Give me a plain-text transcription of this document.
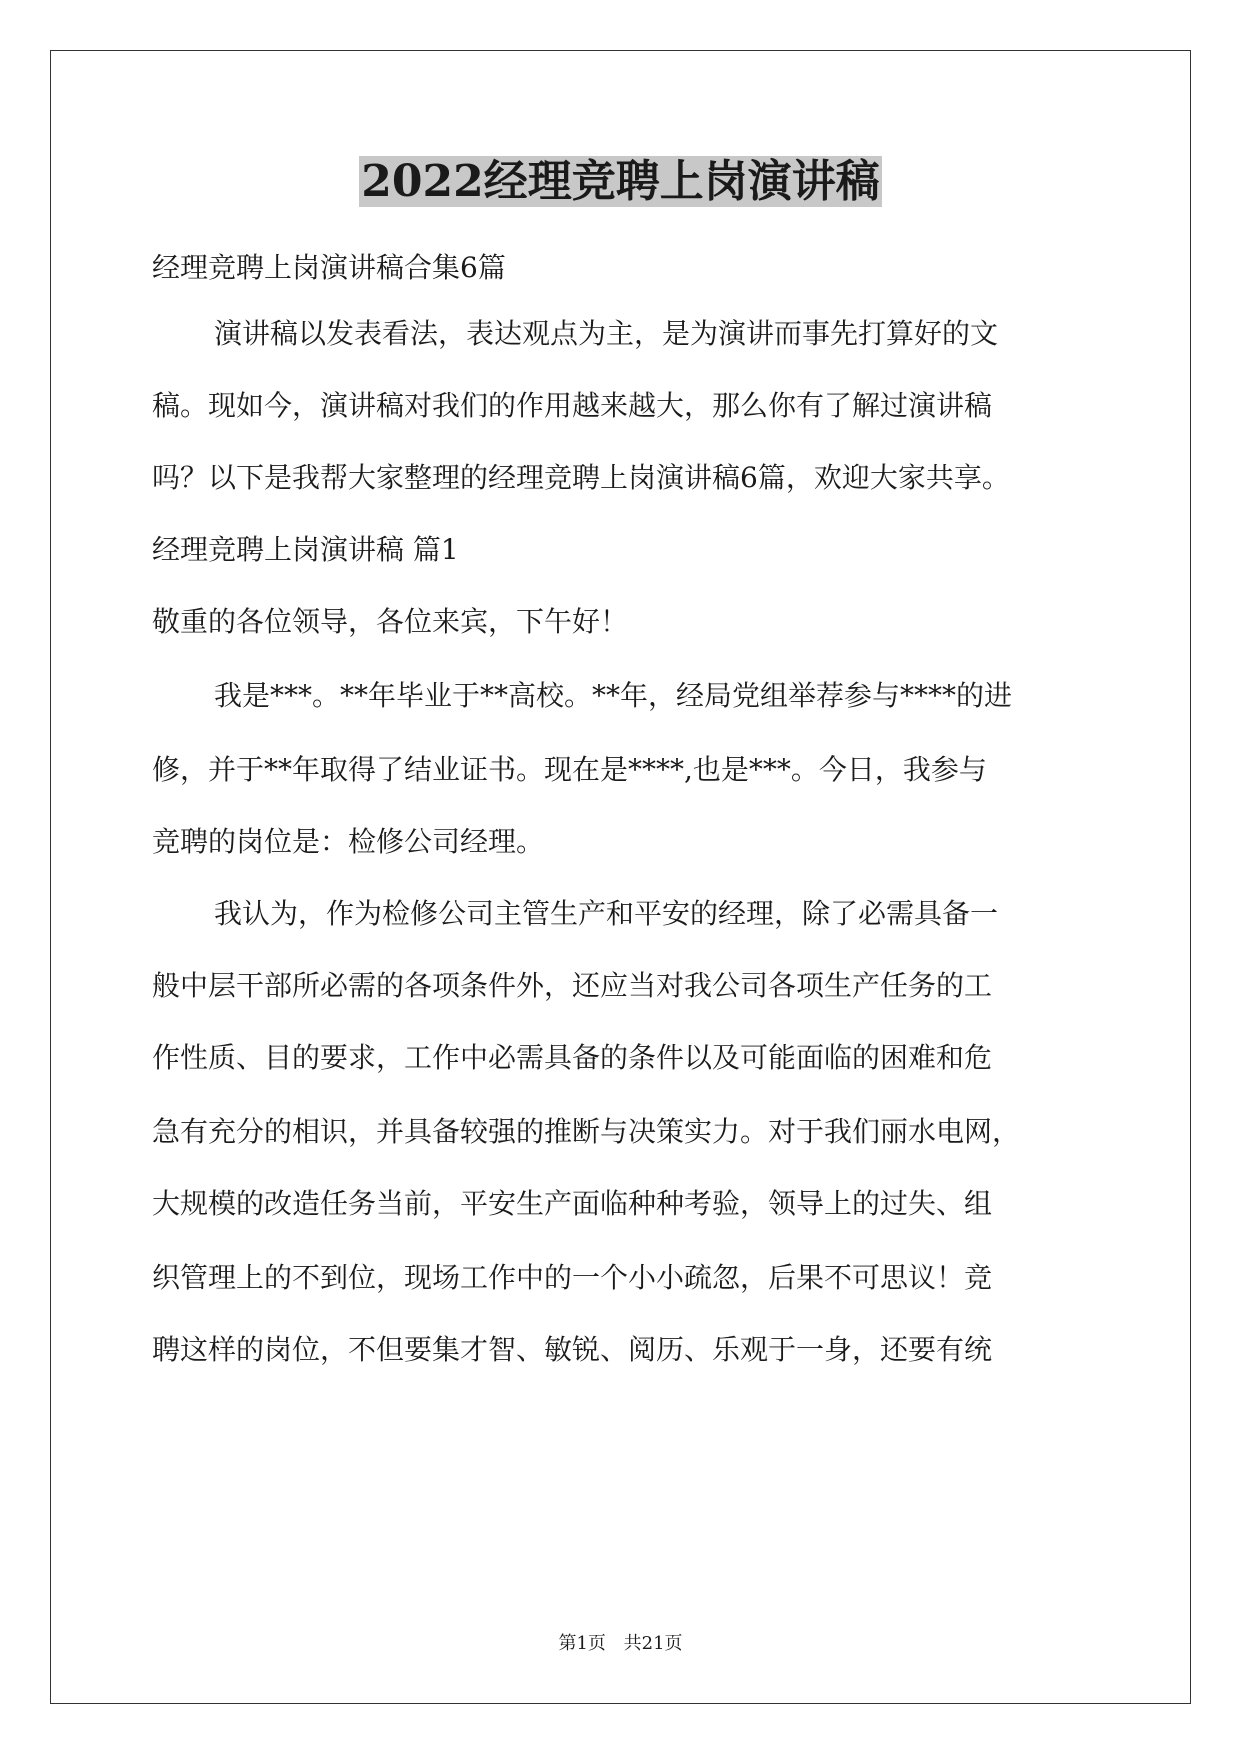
2022经理竞聘上岗演讲稿

经理竞聘上岗演讲稿合集6篇

演讲稿以发表看法，表达观点为主，是为演讲而事先打算好的文

稿。现如今，演讲稿对我们的作用越来越大，那么你有了解过演讲稿

吗？以下是我帮大家整理的经理竞聘上岗演讲稿6篇，欢迎大家共享。

经理竞聘上岗演讲稿 篇1

敬重的各位领导，各位来宾，下午好！

我是***。**年毕业于**高校。**年，经局党组举荐参与****的进

修，并于**年取得了结业证书。现在是****,也是***。今日，我参与

竞聘的岗位是：检修公司经理。

我认为，作为检修公司主管生产和平安的经理，除了必需具备一

般中层干部所必需的各项条件外，还应当对我公司各项生产任务的工

作性质、目的要求，工作中必需具备的条件以及可能面临的困难和危

急有充分的相识，并具备较强的推断与决策实力。对于我们丽水电网，

大规模的改造任务当前，平安生产面临种种考验，领导上的过失、组

织管理上的不到位，现场工作中的一个小小疏忽，后果不可思议！竞

聘这样的岗位，不但要集才智、敏锐、阅历、乐观于一身，还要有统

第1页 共21页
